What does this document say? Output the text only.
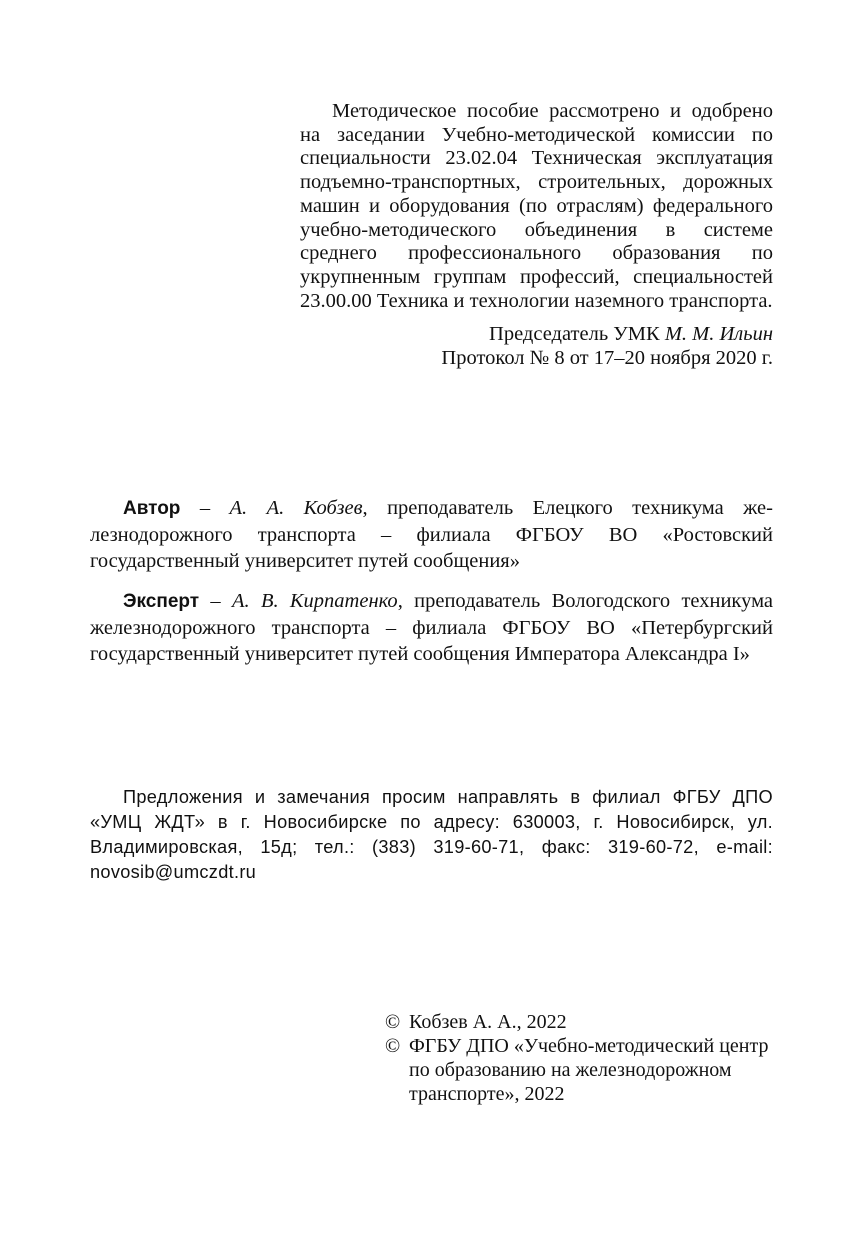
Методическое пособие рассмотрено и одобрено на заседании Учебно-методической комиссии по специальности 23.02.04 Техническая эксплуатация подъемно-транспортных, строительных, дорожных машин и оборудования (по отраслям) федерального учебно-методического объединения в системе среднего профессионального образования по укрупненным группам профессий, специальностей 23.00.00 Техника и технологии наземного транспорта.

Председатель УМК М. М. Ильин
Протокол № 8 от 17–20 ноября 2020 г.

Автор – А. А. Кобзев, преподаватель Елецкого техникума железнодорожного транспорта – филиала ФГБОУ ВО «Ростовский государственный университет путей сообщения»

Эксперт – А. В. Кирпатенко, преподаватель Вологодского техникума железнодорожного транспорта – филиала ФГБОУ ВО «Петербургский государственный университет путей сообщения Императора Александра I»

Предложения и замечания просим направлять в филиал ФГБУ ДПО «УМЦ ЖДТ» в г. Новосибирске по адресу: 630003, г. Новосибирск, ул. Владимировская, 15д; тел.: (383) 319-60-71, факс: 319-60-72, e-mail: novosib@umczdt.ru

© Кобзев А. А., 2022
© ФГБУ ДПО «Учебно-методический центр по образованию на железнодорожном транспорте», 2022
